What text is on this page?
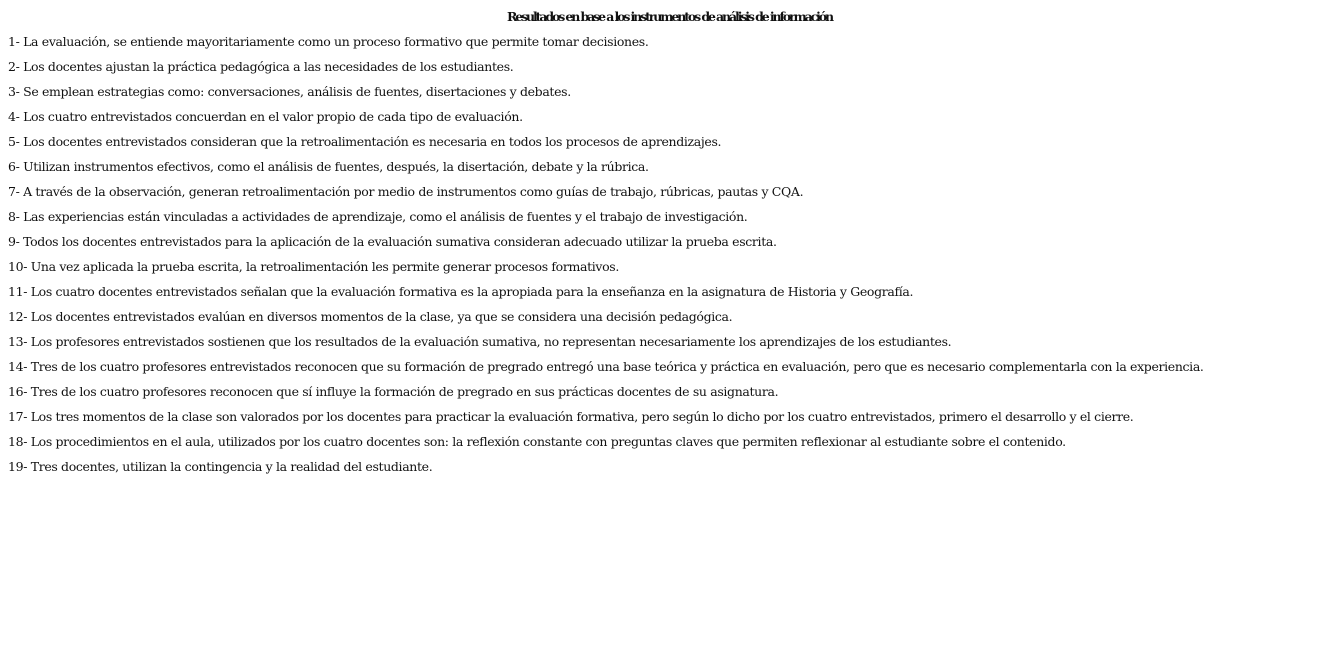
Resultados en base a los instrumentos de análisis de información
1- La evaluación, se entiende mayoritariamente como un proceso formativo que permite tomar decisiones.
2- Los docentes ajustan la práctica pedagógica a las necesidades de los estudiantes.
3- Se emplean estrategias como: conversaciones, análisis de fuentes, disertaciones y debates.
4- Los cuatro entrevistados concuerdan en el valor propio de cada tipo de evaluación.
5- Los docentes entrevistados consideran que la retroalimentación es necesaria en todos los procesos de aprendizajes.
6- Utilizan instrumentos efectivos, como el análisis de fuentes, después, la disertación, debate y la rúbrica.
7- A través de la observación, generan retroalimentación por medio de instrumentos como guías de trabajo, rúbricas, pautas y CQA.
8- Las experiencias están vinculadas a actividades de aprendizaje, como el análisis de fuentes y el trabajo de investigación.
9- Todos los docentes entrevistados para la aplicación de la evaluación sumativa consideran adecuado utilizar la prueba escrita.
10- Una vez aplicada la prueba escrita, la retroalimentación les permite generar procesos formativos.
11- Los cuatro docentes entrevistados señalan que la evaluación formativa es la apropiada para la enseñanza en la asignatura de Historia y Geografía.
12- Los docentes entrevistados evalúan en diversos momentos de la clase, ya que se considera una decisión pedagógica.
13- Los profesores entrevistados sostienen que los resultados de la evaluación sumativa, no representan necesariamente los aprendizajes de los estudiantes.
14- Tres de los cuatro profesores entrevistados reconocen que su formación de pregrado entregó una base teórica y práctica en evaluación, pero que es necesario complementarla con la experiencia.
16- Tres de los cuatro profesores reconocen que sí influye la formación de pregrado en sus prácticas docentes de su asignatura.
17- Los tres momentos de la clase son valorados por los docentes para practicar la evaluación formativa, pero según lo dicho por los cuatro entrevistados, primero el desarrollo y el cierre.
18- Los procedimientos en el aula, utilizados por los cuatro docentes son: la reflexión constante con preguntas claves que permiten reflexionar al estudiante sobre el contenido.
19- Tres docentes, utilizan la contingencia y la realidad del estudiante.
